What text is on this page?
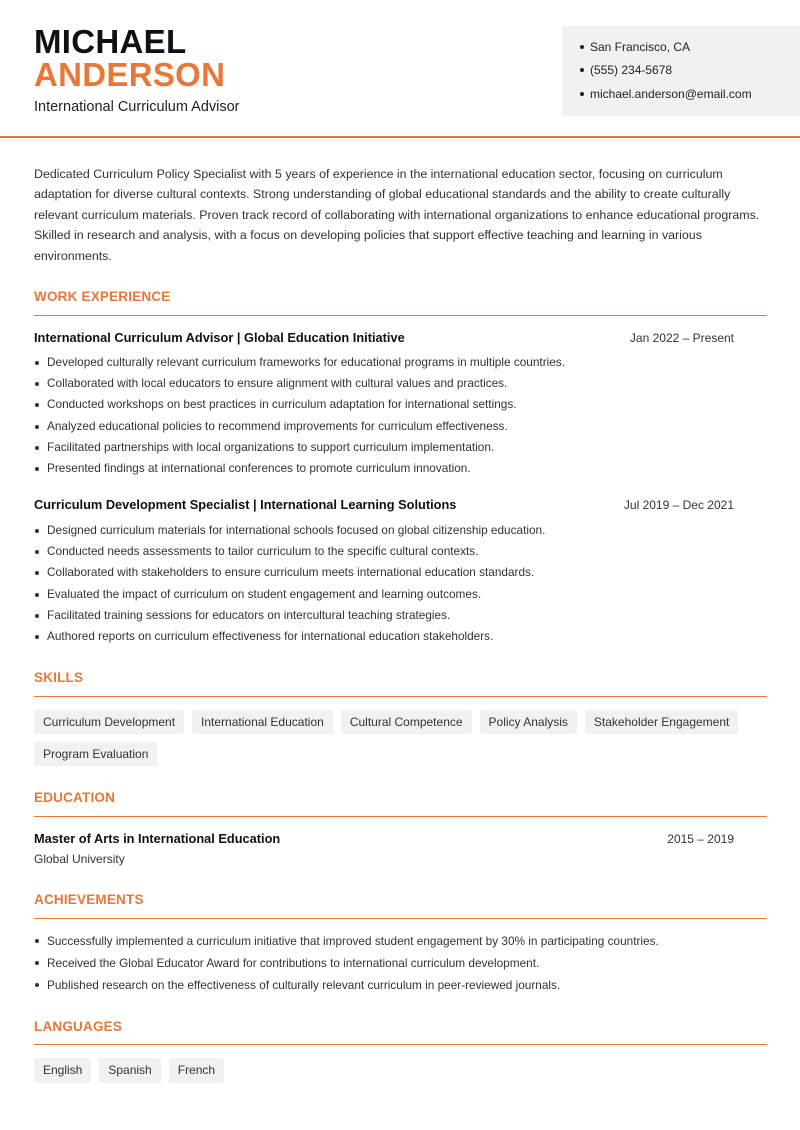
MICHAEL
ANDERSON
International Curriculum Advisor
San Francisco, CA
(555) 234-5678
michael.anderson@email.com

Dedicated Curriculum Policy Specialist with 5 years of experience in the international education sector, focusing on curriculum adaptation for diverse cultural contexts. Strong understanding of global educational standards and the ability to create culturally relevant curriculum materials. Proven track record of collaborating with international organizations to enhance educational programs. Skilled in research and analysis, with a focus on developing policies that support effective teaching and learning in various environments.

WORK EXPERIENCE
International Curriculum Advisor | Global Education Initiative	Jan 2022 – Present
Developed culturally relevant curriculum frameworks for educational programs in multiple countries.
Collaborated with local educators to ensure alignment with cultural values and practices.
Conducted workshops on best practices in curriculum adaptation for international settings.
Analyzed educational policies to recommend improvements for curriculum effectiveness.
Facilitated partnerships with local organizations to support curriculum implementation.
Presented findings at international conferences to promote curriculum innovation.
Curriculum Development Specialist | International Learning Solutions	Jul 2019 – Dec 2021
Designed curriculum materials for international schools focused on global citizenship education.
Conducted needs assessments to tailor curriculum to the specific cultural contexts.
Collaborated with stakeholders to ensure curriculum meets international education standards.
Evaluated the impact of curriculum on student engagement and learning outcomes.
Facilitated training sessions for educators on intercultural teaching strategies.
Authored reports on curriculum effectiveness for international education stakeholders.
SKILLS
Curriculum Development	International Education	Cultural Competence	Policy Analysis	Stakeholder Engagement
Program Evaluation
EDUCATION
Master of Arts in International Education	2015 – 2019
Global University
ACHIEVEMENTS
Successfully implemented a curriculum initiative that improved student engagement by 30% in participating countries.
Received the Global Educator Award for contributions to international curriculum development.
Published research on the effectiveness of culturally relevant curriculum in peer-reviewed journals.
LANGUAGES
English	Spanish	French
